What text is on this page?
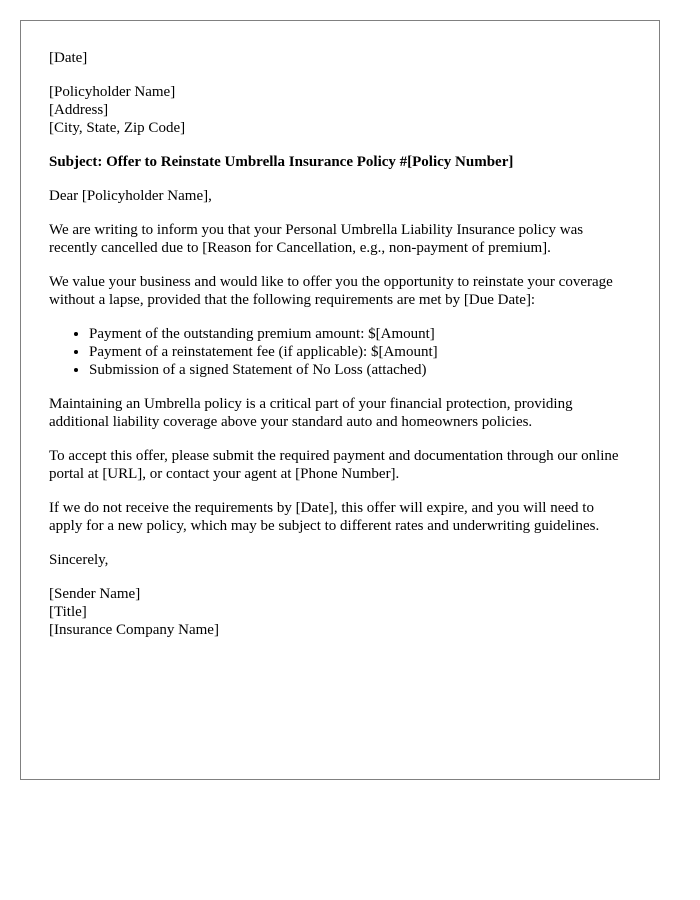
[Date]

[Policyholder Name]
[Address]
[City, State, Zip Code]

Subject: Offer to Reinstate Umbrella Insurance Policy #[Policy Number]

Dear [Policyholder Name],

We are writing to inform you that your Personal Umbrella Liability Insurance policy was recently cancelled due to [Reason for Cancellation, e.g., non-payment of premium].

We value your business and would like to offer you the opportunity to reinstate your coverage without a lapse, provided that the following requirements are met by [Due Date]:

• Payment of the outstanding premium amount: $[Amount]
• Payment of a reinstatement fee (if applicable): $[Amount]
• Submission of a signed Statement of No Loss (attached)

Maintaining an Umbrella policy is a critical part of your financial protection, providing additional liability coverage above your standard auto and homeowners policies.

To accept this offer, please submit the required payment and documentation through our online portal at [URL], or contact your agent at [Phone Number].

If we do not receive the requirements by [Date], this offer will expire, and you will need to apply for a new policy, which may be subject to different rates and underwriting guidelines.

Sincerely,

[Sender Name]
[Title]
[Insurance Company Name]
